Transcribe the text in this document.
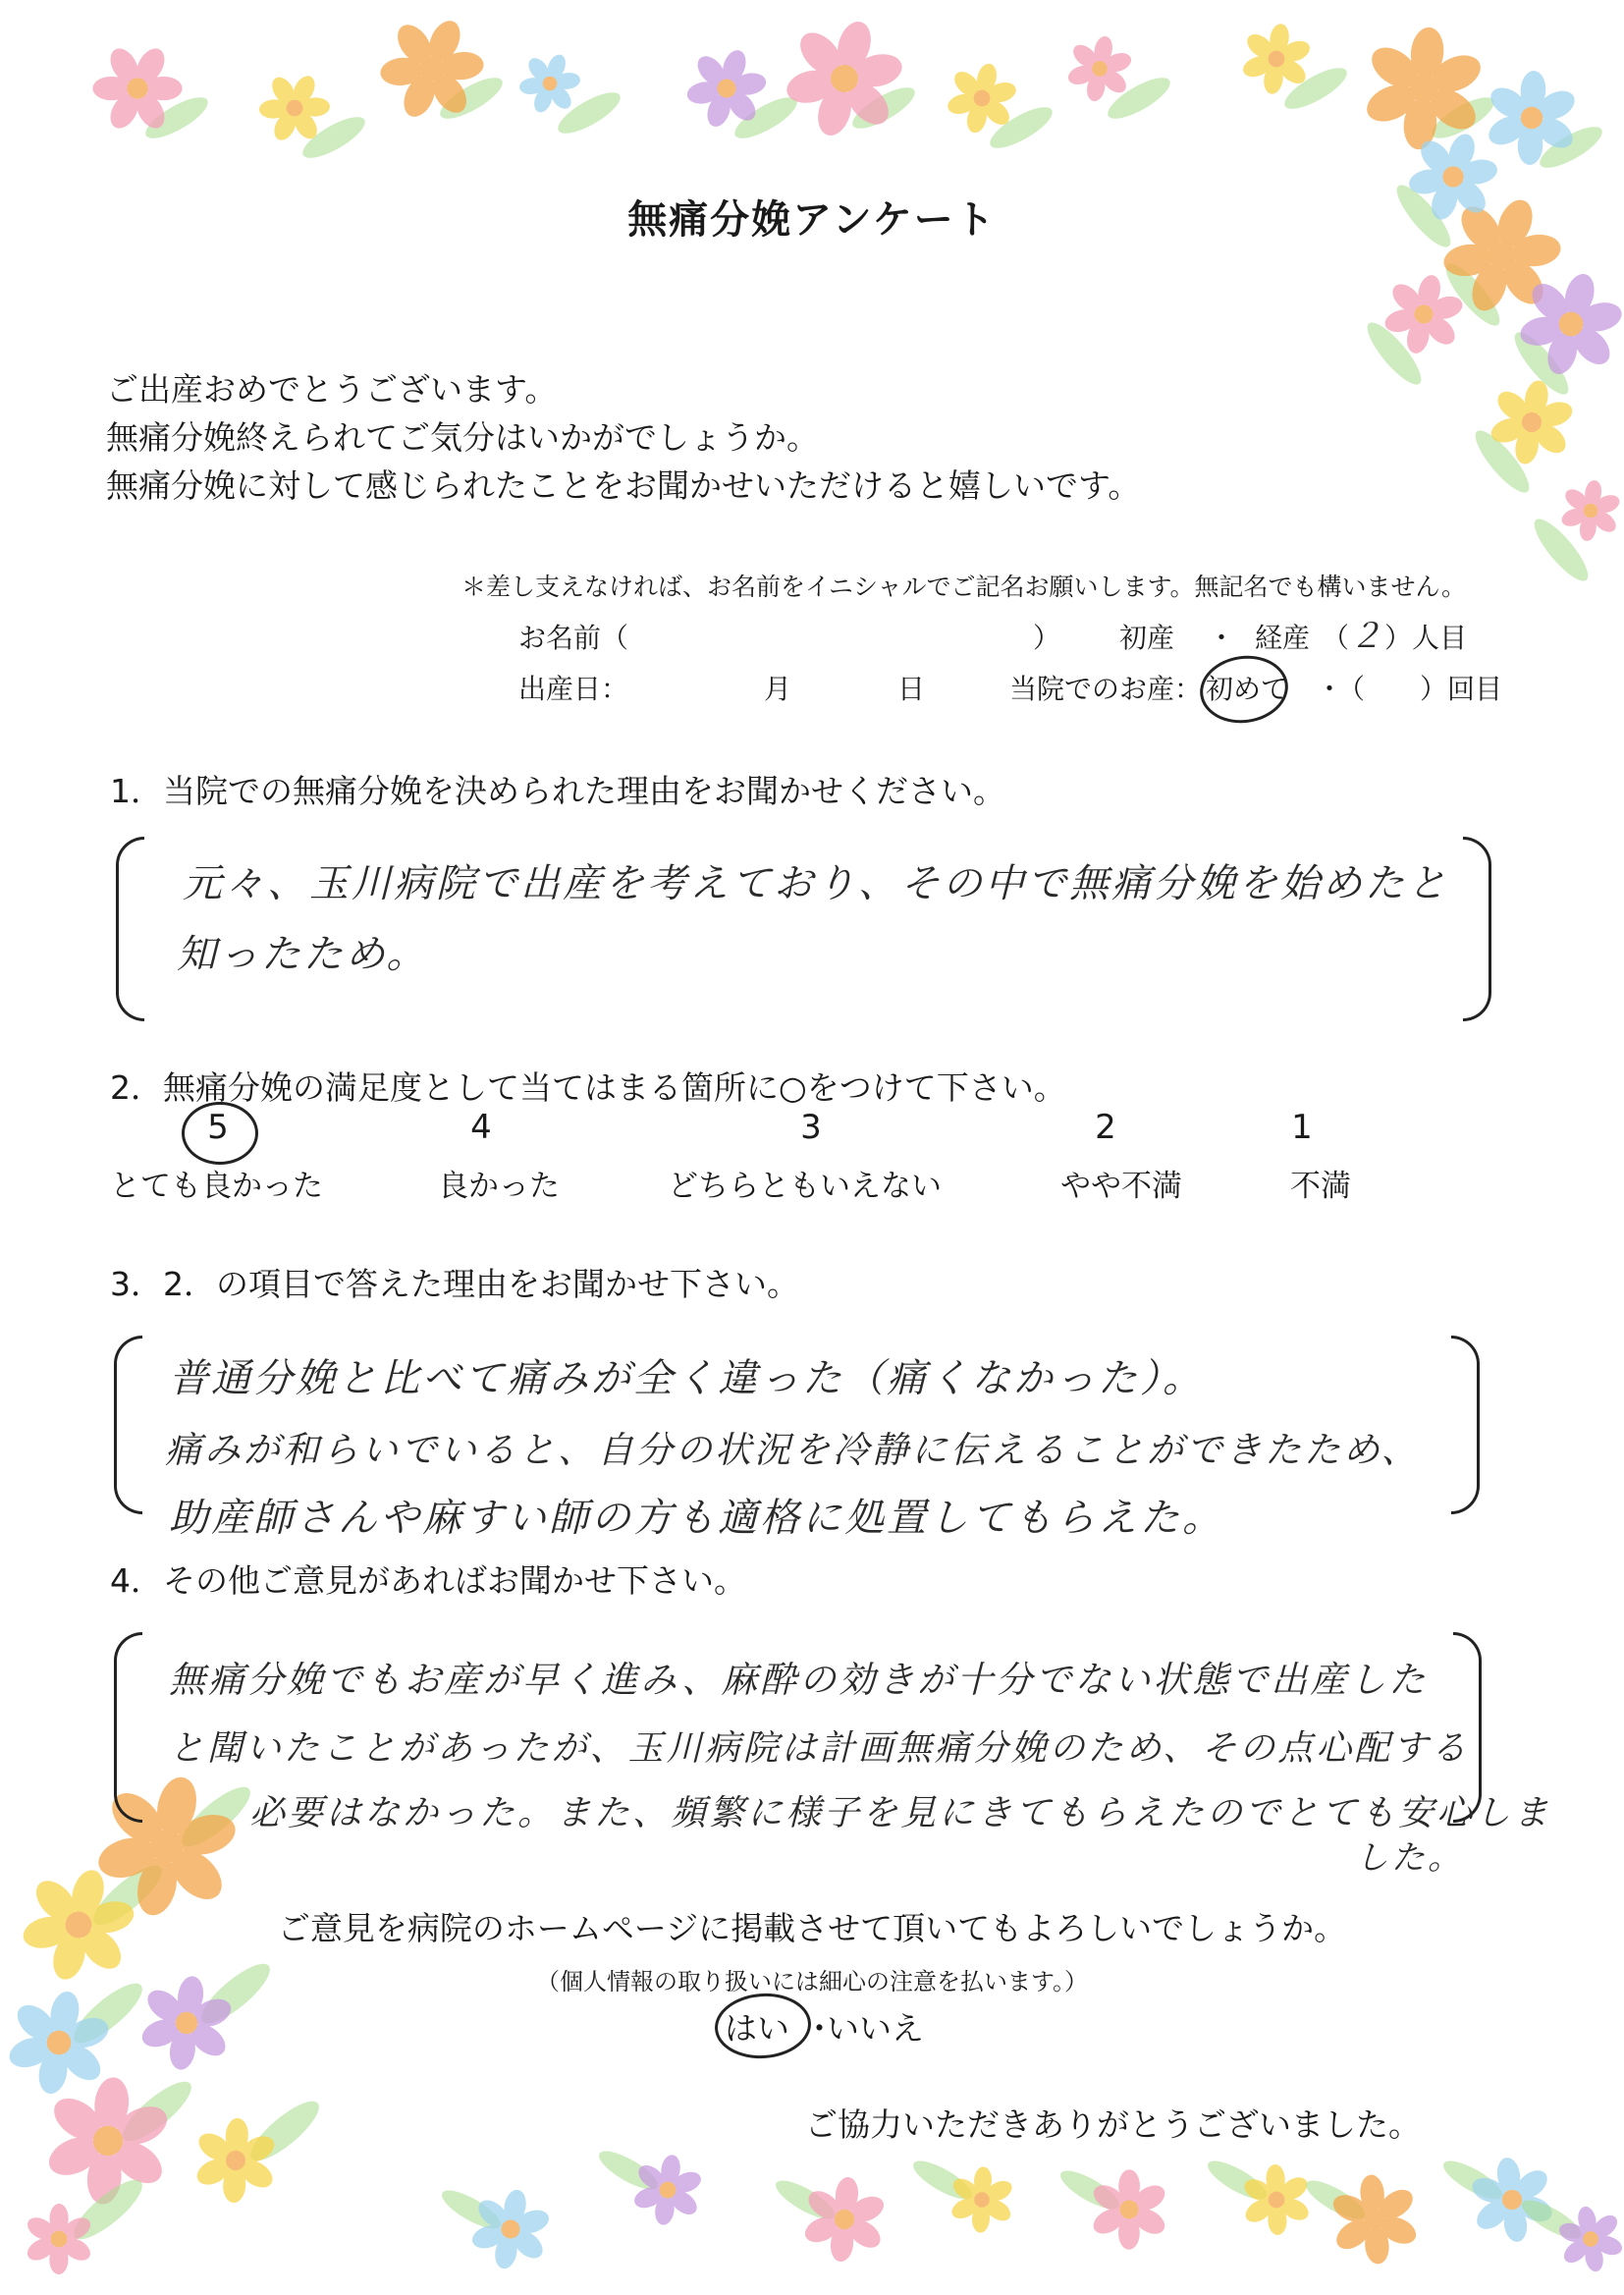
無痛分娩アンケート
ご出産おめでとうございます。
無痛分娩終えられてご気分はいかがでしょうか。
無痛分娩に対して感じられたことをお聞かせいただけると嬉しいです。
＊差し支えなければ、お名前をイニシャルでご記名お願いします。無記名でも構いません。
お名前（	） 初産 ・ 経産 （ ２ ）人目
出産日：	月	日	当院でのお産： 初めて ・
（　　）回目
1．当院での無痛分娩を決められた理由をお聞かせください。
元々、玉川病院で出産を考えており、その中で無痛分娩を始めたと
知ったため。
2．無痛分娩の満足度として当てはまる箇所に○をつけて下さい。
5	4	3	2	1
とても良かった	良かった	どちらともいえない	やや不満	不満
3．2．の項目で答えた理由をお聞かせ下さい。
普通分娩と比べて痛みが全く違った（痛くなかった）。
痛みが和らいでいると、自分の状況を冷静に伝えることができたため、
助産師さんや麻すい師の方も適格に処置してもらえた。
4．その他ご意見があればお聞かせ下さい。
無痛分娩でもお産が早く進み、麻酔の効きが十分でない状態で出産した
と聞いたことがあったが、玉川病院は計画無痛分娩のため、その点心配する
必要はなかった。また、頻繁に様子を見にきてもらえたのでとても安心しま
した。
ご意見を病院のホームページに掲載させて頂いてもよろしいでしょうか。
（個人情報の取り扱いには細心の注意を払います。）
はい ・
いいえ
ご協力いただきありがとうございました。
